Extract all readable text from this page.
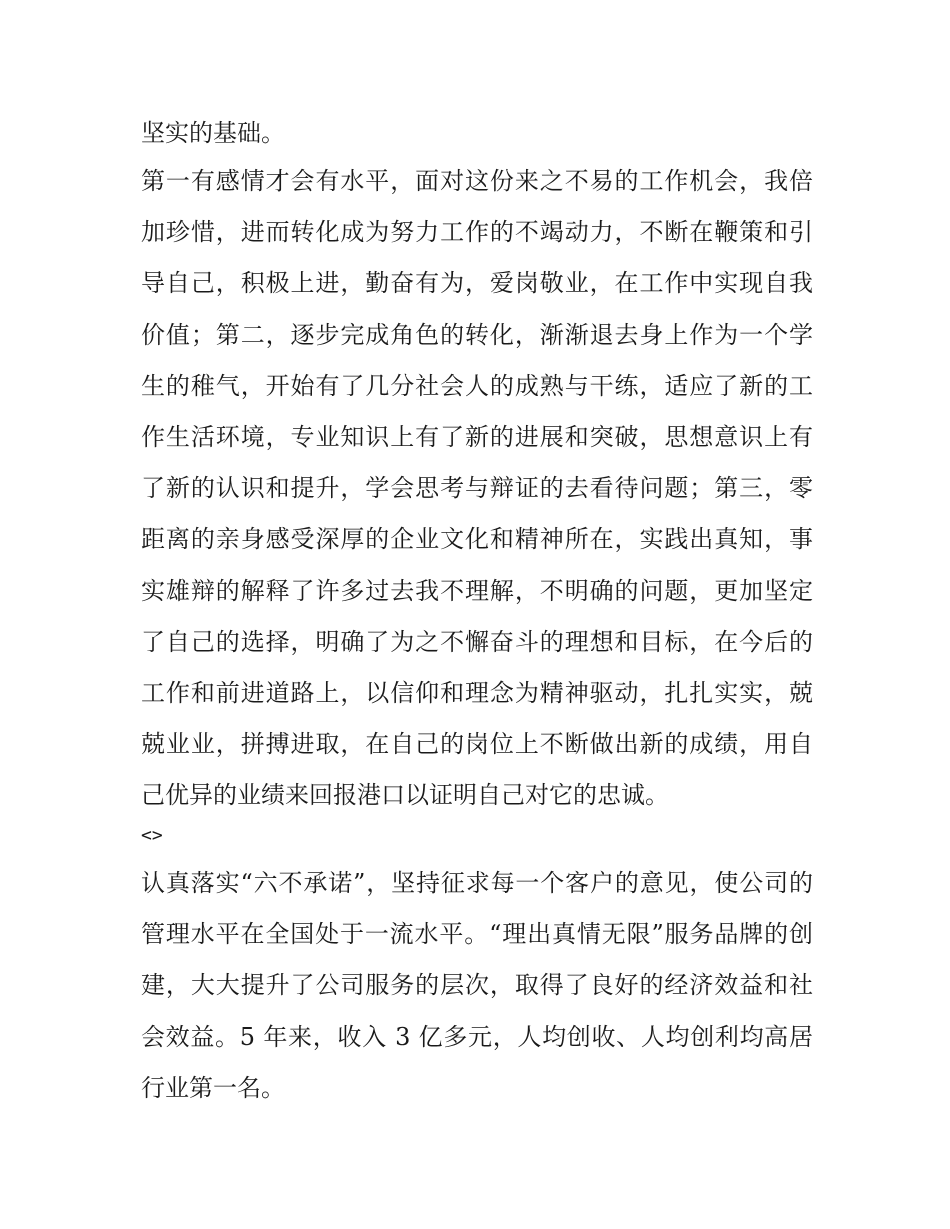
坚实的基础。
第一有感情才会有水平，面对这份来之不易的工作机会，我倍
加珍惜，进而转化成为努力工作的不竭动力，不断在鞭策和引
导自己，积极上进，勤奋有为，爱岗敬业，在工作中实现自我
价值；第二，逐步完成角色的转化，渐渐退去身上作为一个学
生的稚气，开始有了几分社会人的成熟与干练，适应了新的工
作生活环境，专业知识上有了新的进展和突破，思想意识上有
了新的认识和提升，学会思考与辩证的去看待问题；第三，零
距离的亲身感受深厚的企业文化和精神所在，实践出真知，事
实雄辩的解释了许多过去我不理解，不明确的问题，更加坚定
了自己的选择，明确了为之不懈奋斗的理想和目标，在今后的
工作和前进道路上，以信仰和理念为精神驱动，扎扎实实，兢
兢业业，拼搏进取，在自己的岗位上不断做出新的成绩，用自
己优异的业绩来回报港口以证明自己对它的忠诚。
<>
认真落实“六不承诺”，坚持征求每一个客户的意见，使公司的
管理水平在全国处于一流水平。“理出真情无限”服务品牌的创
建，大大提升了公司服务的层次，取得了良好的经济效益和社
会效益。5 年来，收入 3 亿多元，人均创收、人均创利均高居
行业第一名。
